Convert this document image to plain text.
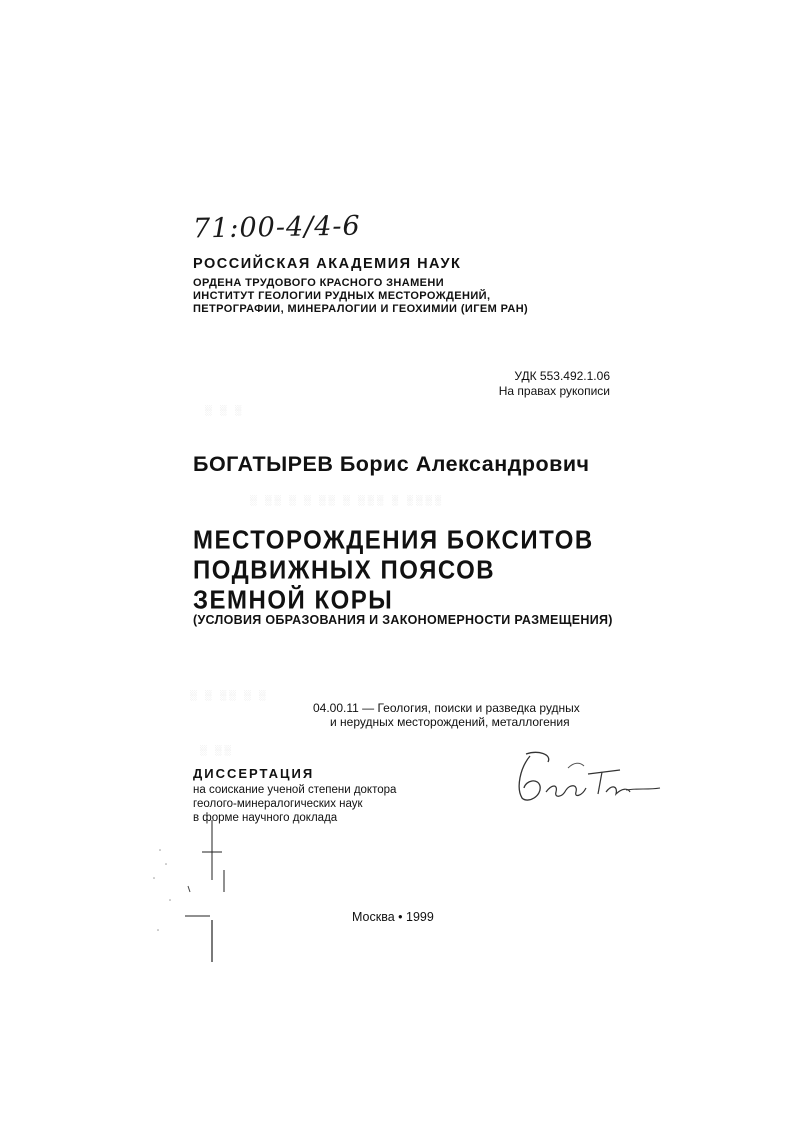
░ ░░ ░ ░ ░░ ░ ░░░ ░ ░░░░
░ ░ ░░ ░ ░
░ ░░
░ ░ ░
71:00-4/4-6
РОССИЙСКАЯ АКАДЕМИЯ НАУК
ОРДЕНА ТРУДОВОГО КРАСНОГО ЗНАМЕНИ
ИНСТИТУТ ГЕОЛОГИИ РУДНЫХ МЕСТОРОЖДЕНИЙ,
ПЕТРОГРАФИИ, МИНЕРАЛОГИИ И ГЕОХИМИИ (ИГЕМ РАН)
УДК 553.492.1.06
На правах рукописи
БОГАТЫРЕВ Борис Александрович
МЕСТОРОЖДЕНИЯ БОКСИТОВ
ПОДВИЖНЫХ ПОЯСОВ
ЗЕМНОЙ КОРЫ
(УСЛОВИЯ ОБРАЗОВАНИЯ И ЗАКОНОМЕРНОСТИ РАЗМЕЩЕНИЯ)
04.00.11 — Геология, поиски и разведка рудных
и нерудных месторождений, металлогения
ДИССЕРТАЦИЯ
на соискание ученой степени доктора
геолого-минералогических наук
в форме научного доклада
Москва • 1999
